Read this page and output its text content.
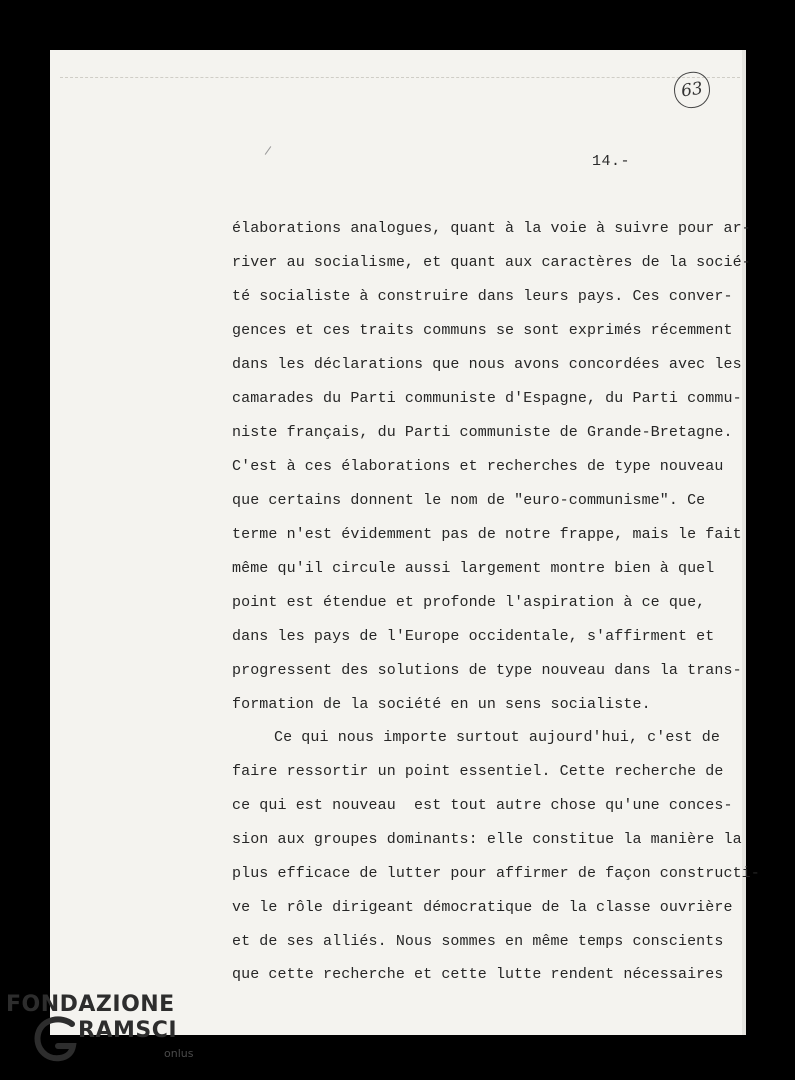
63
14.-
élaborations analogues, quant à la voie à suivre pour ar-
river au socialisme, et quant aux caractères de la socié-
té socialiste à construire dans leurs pays. Ces conver-
gences et ces traits communs se sont exprimés récemment
dans les déclarations que nous avons concordées avec les
camarades du Parti communiste d'Espagne, du Parti commu-
niste français, du Parti communiste de Grande-Bretagne.
C'est à ces élaborations et recherches de type nouveau
que certains donnent le nom de "euro-communisme". Ce
terme n'est évidemment pas de notre frappe, mais le fait
même qu'il circule aussi largement montre bien à quel
point est étendue et profonde l'aspiration à ce que,
dans les pays de l'Europe occidentale, s'affirment et
progressent des solutions de type nouveau dans la trans-
formation de la société en un sens socialiste.
Ce qui nous importe surtout aujourd'hui, c'est de
faire ressortir un point essentiel. Cette recherche de
ce qui est nouveau  est tout autre chose qu'une conces-
sion aux groupes dominants: elle constitue la manière la
plus efficace de lutter pour affirmer de façon constructi-
ve le rôle dirigeant démocratique de la classe ouvrière
et de ses alliés. Nous sommes en même temps conscients
que cette recherche et cette lutte rendent nécessaires
FONDAZIONE
RAMSCI
onlus
